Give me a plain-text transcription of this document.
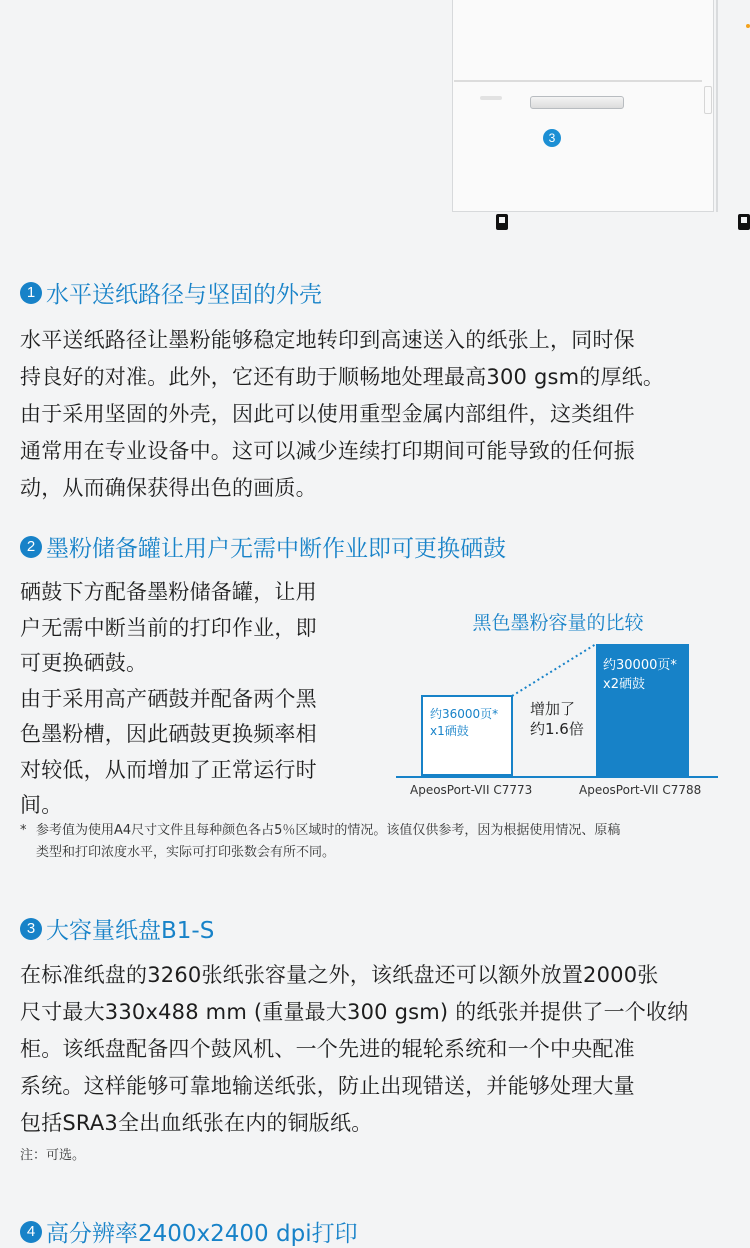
3
1 水平送纸路径与坚固的外壳
水平送纸路径让墨粉能够稳定地转印到高速送入的纸张上，同时保
持良好的对准。此外，它还有助于顺畅地处理最高300 gsm的厚纸。
由于采用坚固的外壳，因此可以使用重型金属内部组件，这类组件
通常用在专业设备中。这可以减少连续打印期间可能导致的任何振
动，从而确保获得出色的画质。
2 墨粉储备罐让用户无需中断作业即可更换硒鼓
硒鼓下方配备墨粉储备罐，让用
户无需中断当前的打印作业，即
可更换硒鼓。
由于采用高产硒鼓并配备两个黑
色墨粉槽，因此硒鼓更换频率相
对较低，从而增加了正常运行时
间。
黑色墨粉容量的比较
约36000页*
x1硒鼓
约30000页*
x2硒鼓
增加了
约1.6倍
ApeosPort-VII C7773	ApeosPort-VII C7788
* 参考值为使用A4尺寸文件且每种颜色各占5％区域时的情况。该值仅供参考，因为根据使用情况、原稿
类型和打印浓度水平，实际可打印张数会有所不同。
3 大容量纸盘B1-S
在标准纸盘的3260张纸张容量之外，该纸盘还可以额外放置2000张
尺寸最大330x488 mm (重量最大300 gsm) 的纸张并提供了一个收纳
柜。该纸盘配备四个鼓风机、一个先进的辊轮系统和一个中央配准
系统。这样能够可靠地输送纸张，防止出现错送，并能够处理大量
包括SRA3全出血纸张在内的铜版纸。
注：可选。
4 高分辨率2400x2400 dpi打印
